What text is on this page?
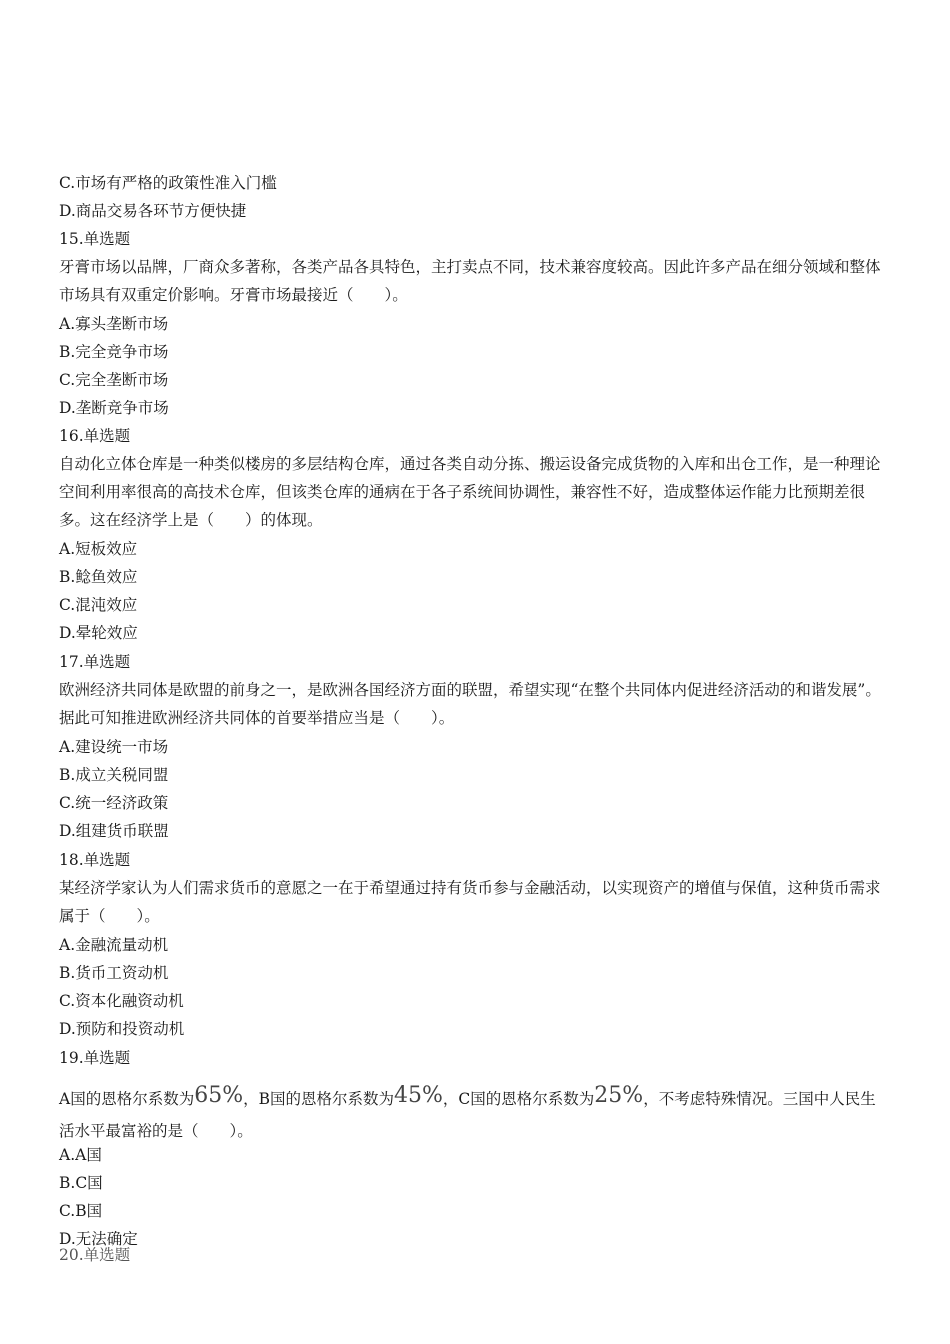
C.市场有严格的政策性准入门槛
D.商品交易各环节方便快捷
15.单选题
牙膏市场以品牌，厂商众多著称，各类产品各具特色，主打卖点不同，技术兼容度较高。因此许多产品在细分领域和整体市场具有双重定价影响。牙膏市场最接近（　　）。
A.寡头垄断市场
B.完全竞争市场
C.完全垄断市场
D.垄断竞争市场
16.单选题
自动化立体仓库是一种类似楼房的多层结构仓库，通过各类自动分拣、搬运设备完成货物的入库和出仓工作，是一种理论空间利用率很高的高技术仓库，但该类仓库的通病在于各子系统间协调性，兼容性不好，造成整体运作能力比预期差很多。这在经济学上是（　　）的体现。
A.短板效应
B.鲶鱼效应
C.混沌效应
D.晕轮效应
17.单选题
欧洲经济共同体是欧盟的前身之一，是欧洲各国经济方面的联盟，希望实现“在整个共同体内促进经济活动的和谐发展”。据此可知推进欧洲经济共同体的首要举措应当是（　　）。
A.建设统一市场
B.成立关税同盟
C.统一经济政策
D.组建货币联盟
18.单选题
某经济学家认为人们需求货币的意愿之一在于希望通过持有货币参与金融活动，以实现资产的增值与保值，这种货币需求属于（　　）。
A.金融流量动机
B.货币工资动机
C.资本化融资动机
D.预防和投资动机
19.单选题
A国的恩格尔系数为65%，B国的恩格尔系数为45%，C国的恩格尔系数为25%，不考虑特殊情况。三国中人民生活水平最富裕的是（　　）。
A.A国
B.C国
C.B国
D.无法确定
20.单选题
